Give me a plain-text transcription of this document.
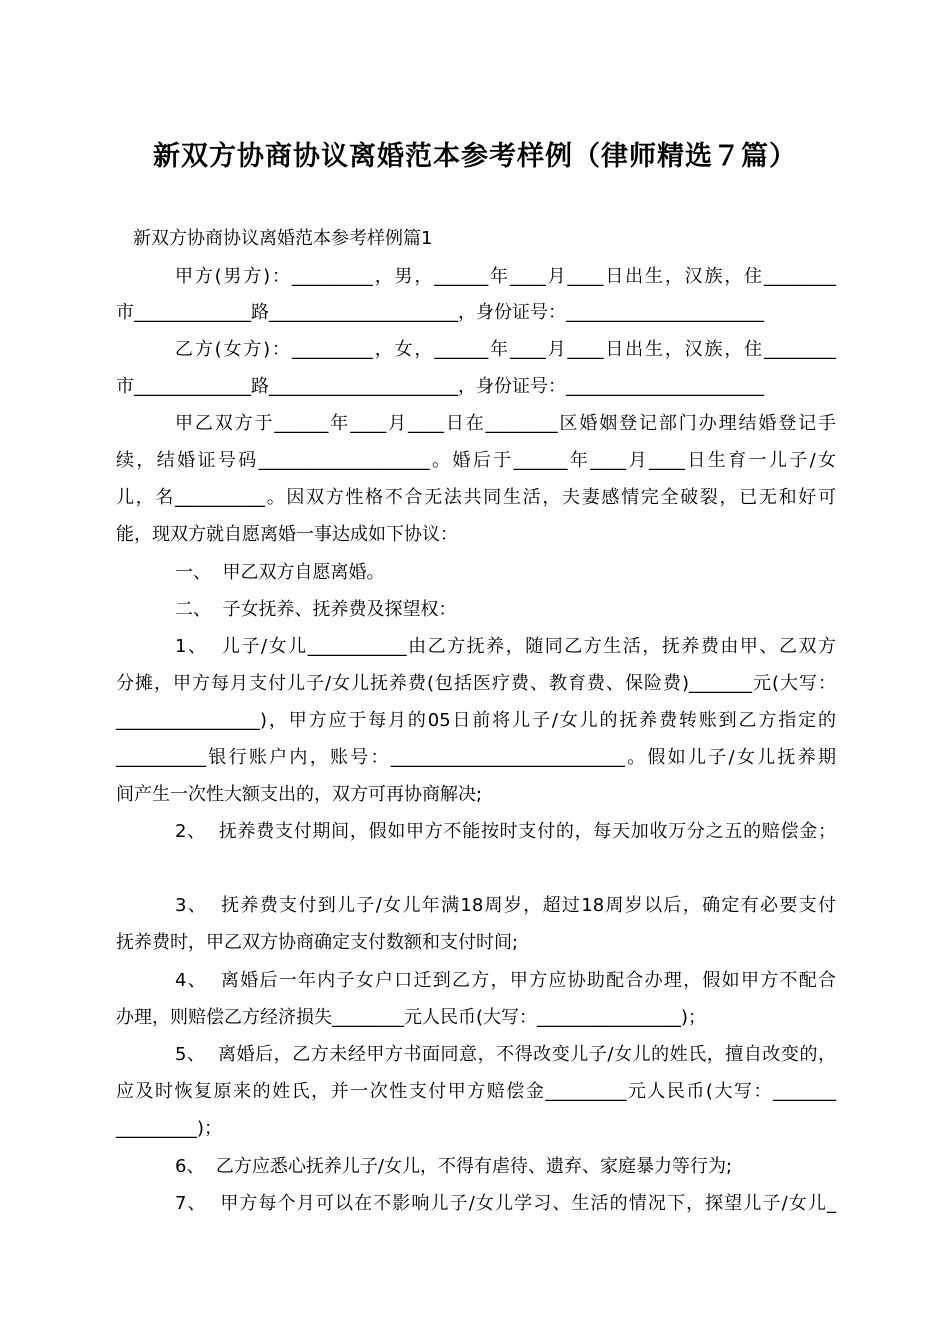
新双方协商协议离婚范本参考样例（律师精选７篇）
新双方协商协议离婚范本参考样例篇1
甲方(男方)：_________，男，______年____月____日出生，汉族，住________
市_____________路_____________________，身份证号：______________________
乙方(女方)：_________，女，______年____月____日出生，汉族，住________
市_____________路_____________________，身份证号：______________________
甲乙双方于______年____月____日在________区婚姻登记部门办理结婚登记手
续，结婚证号码___________________。婚后于______年____月____日生育一儿子/女
儿，名__________。因双方性格不合无法共同生活，夫妻感情完全破裂，已无和好可
能，现双方就自愿离婚一事达成如下协议：
一、  甲乙双方自愿离婚。
二、  子女抚养、抚养费及探望权：
1、  儿子/女儿___________由乙方抚养，随同乙方生活，抚养费由甲、乙双方
分摊，甲方每月支付儿子/女儿抚养费(包括医疗费、教育费、保险费)_______元(大写：
________________)，甲方应于每月的05日前将儿子/女儿的抚养费转账到乙方指定的
__________银行账户内，账号：__________________________。假如儿子/女儿抚养期
间产生一次性大额支出的，双方可再协商解决;
2、  抚养费支付期间，假如甲方不能按时支付的，每天加收万分之五的赔偿金；
3、  抚养费支付到儿子/女儿年满18周岁，超过18周岁以后，确定有必要支付
抚养费时，甲乙双方协商确定支付数额和支付时间;
4、  离婚后一年内子女户口迁到乙方，甲方应协助配合办理，假如甲方不配合
办理，则赔偿乙方经济损失________元人民币(大写：________________)；
5、  离婚后，乙方未经甲方书面同意，不得改变儿子/女儿的姓氏，擅自改变的，
应及时恢复原来的姓氏，并一次性支付甲方赔偿金_________元人民币(大写：_______
_________)；
6、  乙方应悉心抚养儿子/女儿，不得有虐待、遗弃、家庭暴力等行为;
7、  甲方每个月可以在不影响儿子/女儿学习、生活的情况下，探望儿子/女儿_
